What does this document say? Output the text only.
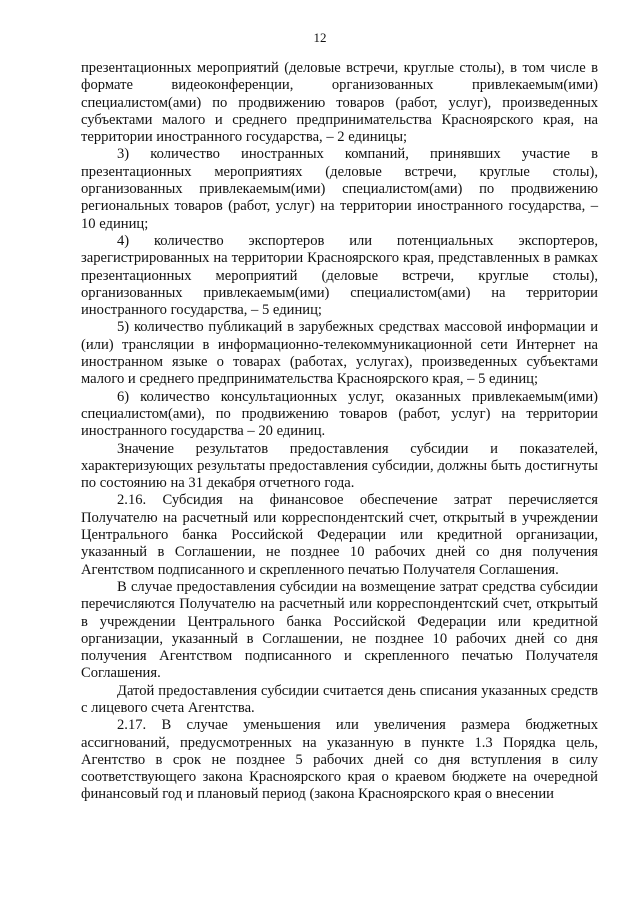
12

презентационных мероприятий (деловые встречи, круглые столы), в том числе в формате видеоконференции, организованных привлекаемым(ими) специалистом(ами) по продвижению товаров (работ, услуг), произведенных субъектами малого и среднего предпринимательства Красноярского края, на территории иностранного государства, – 2 единицы;

3) количество иностранных компаний, принявших участие в презентационных мероприятиях (деловые встречи, круглые столы), организованных привлекаемым(ими) специалистом(ами) по продвижению региональных товаров (работ, услуг) на территории иностранного государства, – 10 единиц;

4) количество экспортеров или потенциальных экспортеров, зарегистрированных на территории Красноярского края, представленных в рамках презентационных мероприятий (деловые встречи, круглые столы), организованных привлекаемым(ими) специалистом(ами) на территории иностранного государства, – 5 единиц;

5) количество публикаций в зарубежных средствах массовой информации и (или) трансляции в информационно-телекоммуникационной сети Интернет на иностранном языке о товарах (работах, услугах), произведенных субъектами малого и среднего предпринимательства Красноярского края, – 5 единиц;

6) количество консультационных услуг, оказанных привлекаемым(ими) специалистом(ами), по продвижению товаров (работ, услуг) на территории иностранного государства – 20 единиц.

Значение результатов предоставления субсидии и показателей, характеризующих результаты предоставления субсидии, должны быть достигнуты по состоянию на 31 декабря отчетного года.

2.16. Субсидия на финансовое обеспечение затрат перечисляется Получателю на расчетный или корреспондентский счет, открытый в учреждении Центрального банка Российской Федерации или кредитной организации, указанный в Соглашении, не позднее 10 рабочих дней со дня получения Агентством подписанного и скрепленного печатью Получателя Соглашения.

В случае предоставления субсидии на возмещение затрат средства субсидии перечисляются Получателю на расчетный или корреспондентский счет, открытый в учреждении Центрального банка Российской Федерации или кредитной организации, указанный в Соглашении, не позднее 10 рабочих дней со дня получения Агентством подписанного и скрепленного печатью Получателя Соглашения.

Датой предоставления субсидии считается день списания указанных средств с лицевого счета Агентства.

2.17. В случае уменьшения или увеличения размера бюджетных ассигнований, предусмотренных на указанную в пункте 1.3 Порядка цель, Агентство в срок не позднее 5 рабочих дней со дня вступления в силу соответствующего закона Красноярского края о краевом бюджете на очередной финансовый год и плановый период (закона Красноярского края о внесении
